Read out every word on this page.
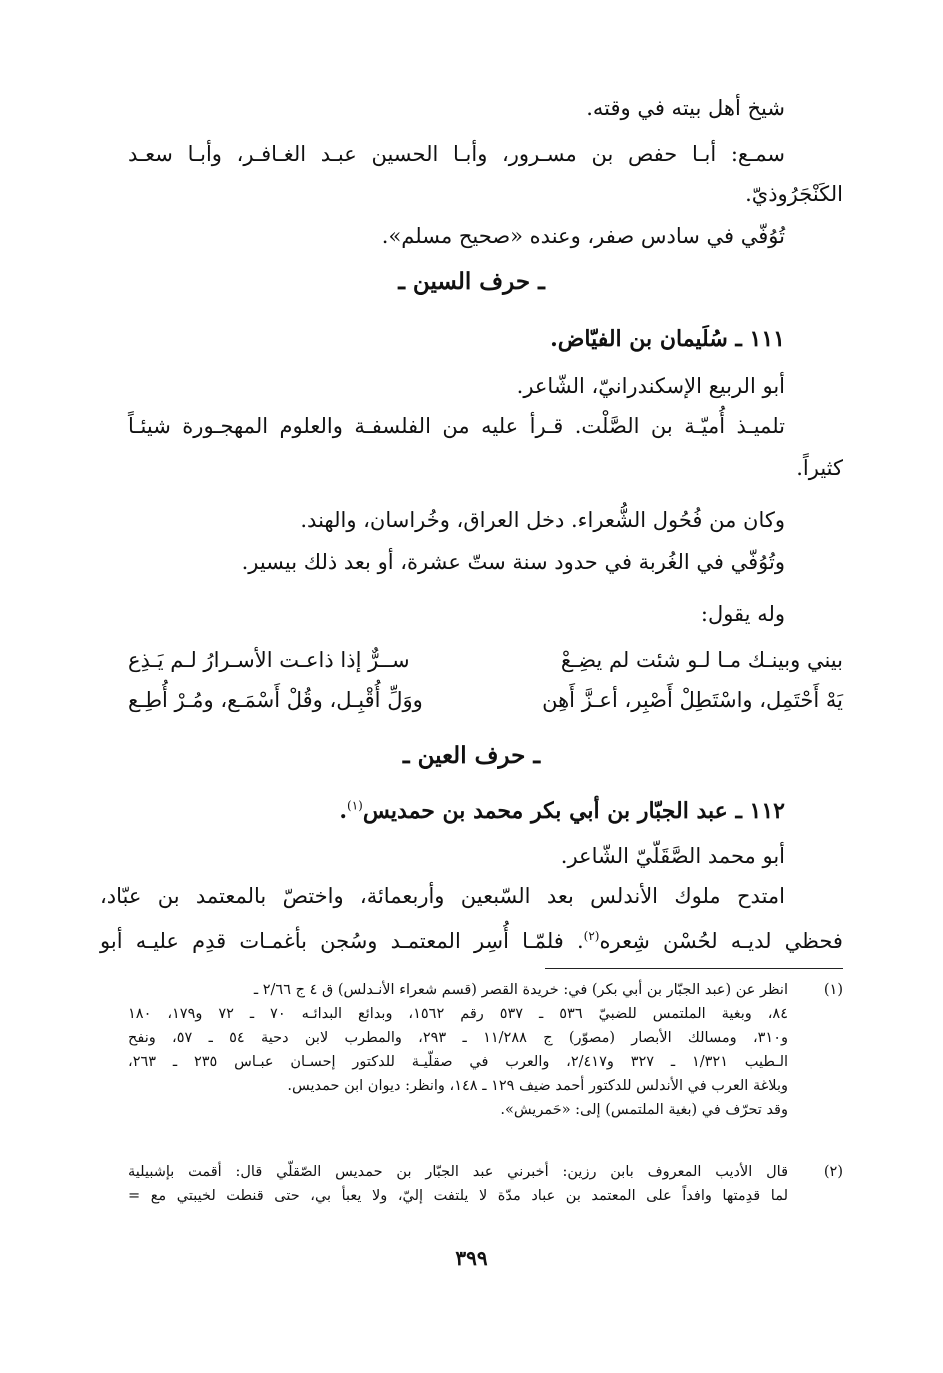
شيخ أهل بيته في وقته.
سمـع: أبـا حفص بن مسـرور، وأبـا الحسين عبـد الغـافـر، وأبـا سعـد
الكَنْجَرُوذيّ.
تُوُفّي في سادس صفر، وعنده «صحيح مسلم».
ـ حرف السين ـ
١١١ ـ سُلَيمان بن الفيّاض.
أبو الربيع الإسكندرانيّ، الشّاعر.
تلميـذ أُميّـة بن الصَّلْت. قـرأ عليه من الفلسفـة والعلوم المهجـورة شيئـاً
كثيراً.
وكان من فُحُول الشُّعراء. دخل العراق، وخُراسان، والهند.
وتُوُفّي في الغُربة في حدود سنة ستّ عشرة، أو بعد ذلك بيسير.
وله يقول:
بيني وبينـك مـا لـو شئت لم يضِـعْ
ســرٌّ إذا ذاعـت الأسـرارُ لـم يَـذِع
يَهْ أَحْتَمِل، واسْتَطِلْ أَصْبِر، أعـزَّ أَهِن
ووَلِّ أُقْبِـل، وقُلْ أَسْمَـع، ومُـرْ أُطِـع
ـ حرف العين ـ
١١٢ ـ عبد الجبّار بن أبي بكر محمد بن حمديس$^{(١)}$.
أبو محمد الصَّقَلّيّ الشّاعر.
امتدح ملوك الأندلس بعد السّبعين وأربعمائة، واختصّ بالمعتمد بن عبّاد،
فحظي لديـه لحُسْن شِعره$^{(٢)}$. فلمّـا أُسِر المعتمـد وسُجن بأغمـات قدِم عليـه أبو
(١)
انظر عن (عبد الجبّار بن أبي بكر) في: خريدة القصر (قسم شعراء الأنـدلس) ق ٤ ج ٢/٦٦ ـ
٨٤، وبغية الملتمس للضبيّ ٥٣٦ ـ ٥٣٧ رقم ١٥٦٢، وبدائع البدائـه ٧٠ ـ ٧٢ و١٧٩، ١٨٠
و٣١٠، ومسالك الأبصار (مصوّر) ج ١١/٢٨٨ ـ ٢٩٣، والمطرب لابن دحية ٥٤ ـ ٥٧، ونفح
الـطيب ١/٣٢١ ـ ٣٢٧ و٢/٤١٧، والعرب في صقلّيـة للدكتور إحسـان عبـاس ٢٣٥ ـ ٢٦٣،
وبلاغة العرب في الأندلس للدكتور أحمد ضيف ١٢٩ ـ ١٤٨، وانظر: ديوان ابن حمديس.
وقد تحرّف في (بغية الملتمس) إلى: «حَمريش».
(٢)
قال الأديب المعروف بابن رزين: أخبرني عبد الجبّار بن حمديس الصّقلّي قال: أقمت بإشبيلية
لما قدِمتها وافداً على المعتمد بن عباد مدّة لا يلتفت إليّ، ولا يعبأ بي، حتى قنطت لخيبتي مع =
٣٩٩
